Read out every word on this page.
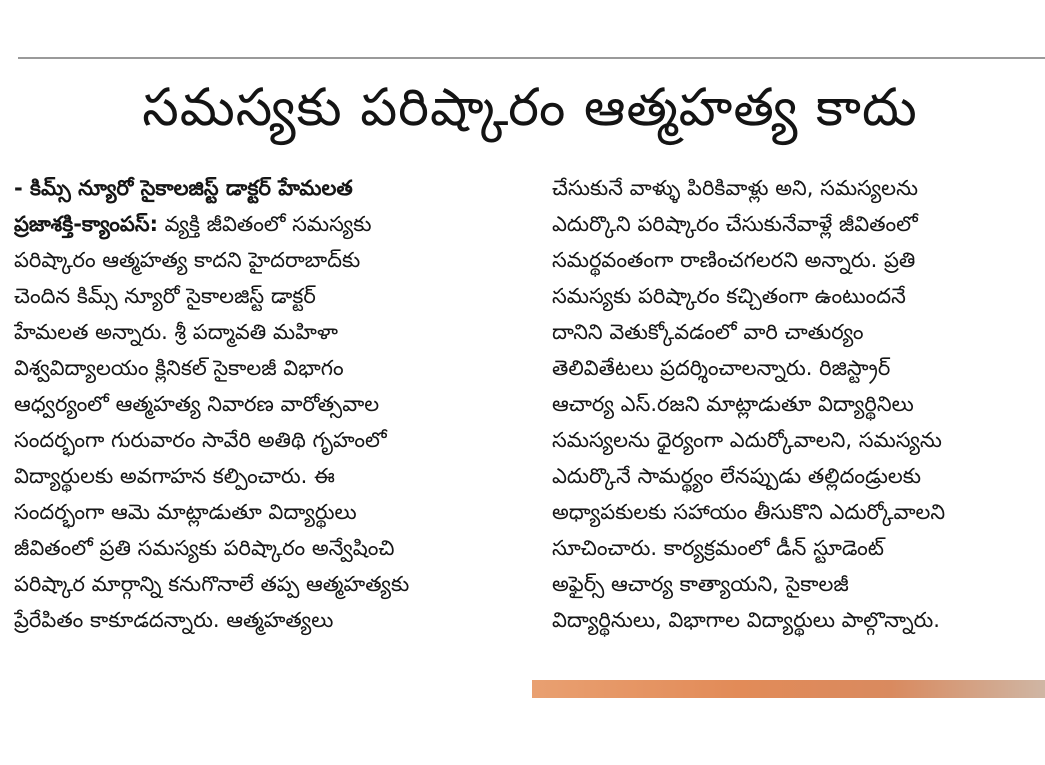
సమస్యకు పరిష్కారం ఆత్మహత్య కాదు
- కిమ్స్ న్యూరో సైకాలజిస్ట్ డాక్టర్ హేమలత
ప్రజాశక్తి-క్యాంపస్: వ్యక్తి జీవితంలో సమస్యకు
పరిష్కారం ఆత్మహత్య కాదని హైదరాబాద్‌కు
చెందిన కిమ్స్ న్యూరో సైకాలజిస్ట్ డాక్టర్
హేమలత అన్నారు. శ్రీ పద్మావతి మహిళా
విశ్వవిద్యాలయం క్లినికల్ సైకాలజీ విభాగం
ఆధ్వర్యంలో ఆత్మహత్య నివారణ వారోత్సవాల
సందర్భంగా గురువారం సావేరి అతిథి గృహంలో
విద్యార్థులకు అవగాహన కల్పించారు. ఈ
సందర్భంగా ఆమె మాట్లాడుతూ విద్యార్థులు
జీవితంలో ప్రతి సమస్యకు పరిష్కారం అన్వేషించి
పరిష్కార మార్గాన్ని కనుగొనాలే తప్ప ఆత్మహత్యకు
ప్రేరేపితం కాకూడదన్నారు. ఆత్మహత్యలు
చేసుకునే వాళ్ళు పిరికివాళ్లు అని, సమస్యలను
ఎదుర్కొని పరిష్కారం చేసుకునేవాళ్లే జీవితంలో
సమర్థవంతంగా రాణించగలరని అన్నారు. ప్రతి
సమస్యకు పరిష్కారం కచ్చితంగా ఉంటుందనే
దానిని వెతుక్కోవడంలో వారి చాతుర్యం
తెలివితేటలు ప్రదర్శించాలన్నారు. రిజిస్ట్రార్
ఆచార్య ఎస్.రజని మాట్లాడుతూ విద్యార్థినిలు
సమస్యలను ధైర్యంగా ఎదుర్కోవాలని, సమస్యను
ఎదుర్కొనే సామర్థ్యం లేనప్పుడు తల్లిదండ్రులకు
అధ్యాపకులకు సహాయం తీసుకొని ఎదుర్కోవాలని
సూచించారు. కార్యక్రమంలో డీన్ స్టూడెంట్
అఫైర్స్ ఆచార్య కాత్యాయని, సైకాలజీ
విద్యార్థినులు, విభాగాల విద్యార్థులు పాల్గొన్నారు.
